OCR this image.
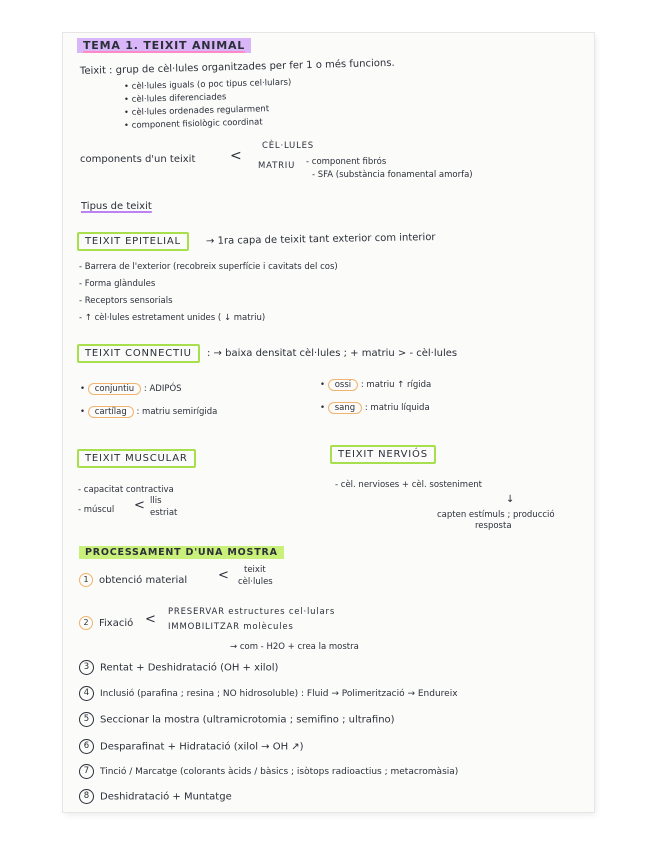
TEMA 1. TEIXIT ANIMAL
Teixit : grup de cèl·lules organitzades per fer 1 o més funcions.
• cèl·lules iguals (o poc tipus cel·lulars)
• cèl·lules diferenciades
• cèl·lules ordenades regularment
• component fisiològic coordinat
components d'un teixit <
CÈL·LULES
MATRIU - component fibrós
- SFA (substància fonamental amorfa)
Tipus de teixit
TEIXIT EPITELIAL	→ 1ra capa de teixit tant exterior com interior
- Barrera de l'exterior (recobreix superfície i cavitats del cos)
- Forma glàndules
- Receptors sensorials
- ↑ cèl·lules estretament unides ( ↓ matriu)
TEIXIT CONNECTIU	: → baixa densitat cèl·lules ; + matriu > - cèl·lules
• conjuntiu : ADIPÓS
• cartílag : matriu semirígida
• ossi : matriu ↑ rígida
• sang : matriu líquida
TEIXIT MUSCULAR
- capacitat contractiva
- múscul < llis
estriat
TEIXIT NERVIÓS
- cèl. nervioses + cèl. sosteniment
↓
capten estímuls ; producció
resposta
PROCESSAMENT D'UNA MOSTRA
1 obtenció material < teixit
cèl·lules
2 Fixació < PRESERVAR estructures cel·lulars
IMMOBILITZAR molècules
→ com - H2O + crea la mostra
3 Rentat + Deshidratació (OH + xilol)
4 Inclusió (parafina ; resina ; NO hidrosoluble) : Fluid → Polimerització → Endureix
5 Seccionar la mostra (ultramicrotomia ; semifino ; ultrafino)
6 Desparafinat + Hidratació (xilol → OH ↗)
7 Tinció / Marcatge (colorants àcids / bàsics ; isòtops radioactius ; metacromàsia)
8 Deshidratació + Muntatge
